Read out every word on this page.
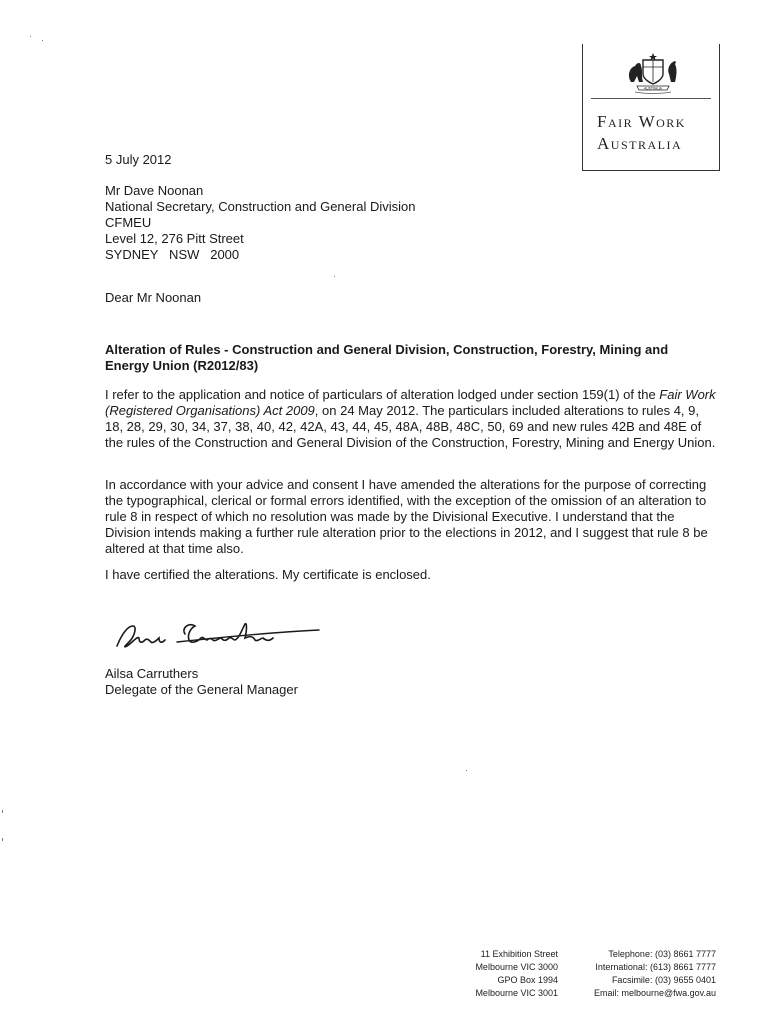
AUSTRALIA
Fair Work
Australia
5 July 2012
Mr Dave Noonan
National Secretary, Construction and General Division
CFMEU
Level 12, 276 Pitt Street
SYDNEY   NSW   2000
Dear Mr Noonan
Alteration of Rules - Construction and General Division, Construction, Forestry, Mining and Energy Union (R2012/83)
I refer to the application and notice of particulars of alteration lodged under section 159(1) of the Fair Work (Registered Organisations) Act 2009, on 24 May 2012. The particulars included alterations to rules 4, 9, 18, 28, 29, 30, 34, 37, 38, 40, 42, 42A, 43, 44, 45, 48A, 48B, 48C, 50, 69 and new rules 42B and 48E of the rules of the Construction and General Division of the Construction, Forestry, Mining and Energy Union.
In accordance with your advice and consent I have amended the alterations for the purpose of correcting the typographical, clerical or formal errors identified, with the exception of the omission of an alteration to rule 8 in respect of which no resolution was made by the Divisional Executive. I understand that the Division intends making a further rule alteration prior to the elections in 2012, and I suggest that rule 8 be altered at that time also.
I have certified the alterations. My certificate is enclosed.
Ailsa Carruthers
Delegate of the General Manager
11 Exhibition Street
Melbourne VIC 3000
GPO Box 1994
Melbourne VIC 3001
Telephone: (03) 8661 7777
International: (613) 8661 7777
Facsimile: (03) 9655 0401
Email: melbourne@fwa.gov.au
